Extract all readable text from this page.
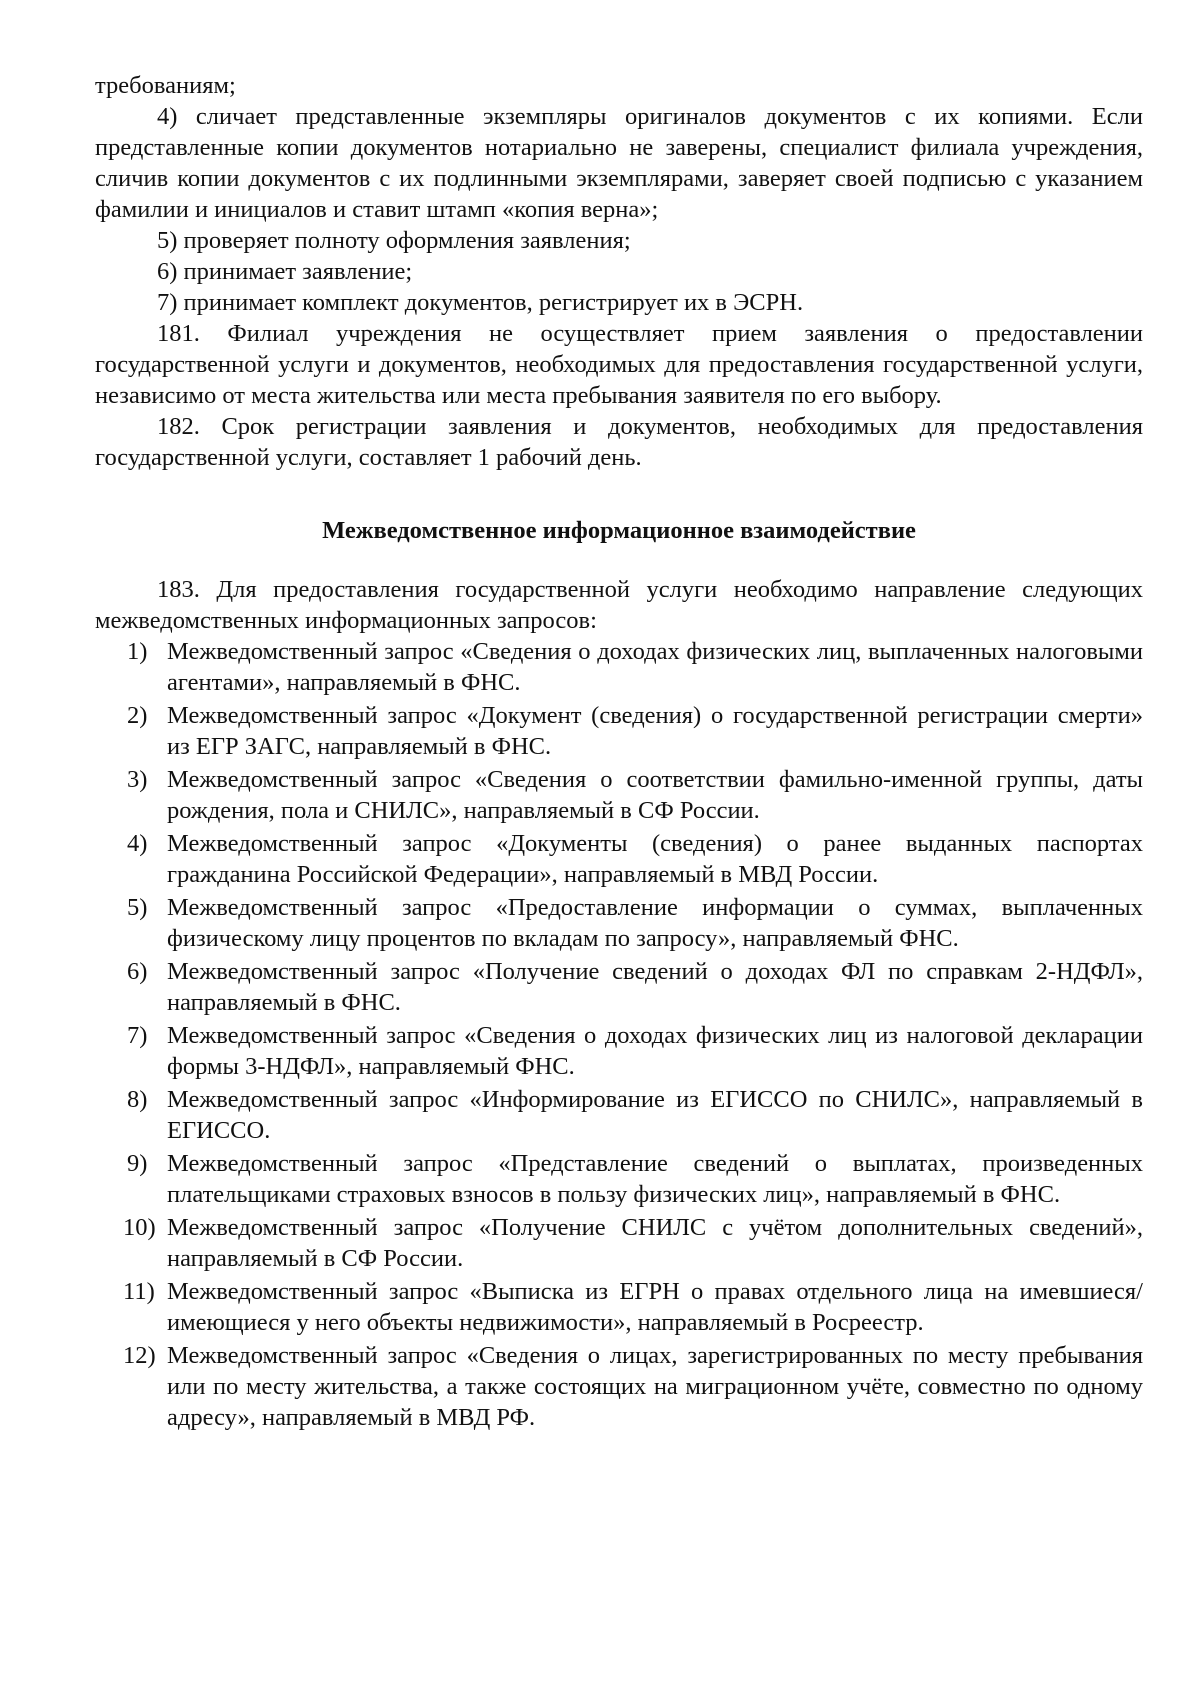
требованиям;

4) сличает представленные экземпляры оригиналов документов с их копиями. Если представленные копии документов нотариально не заверены, специалист филиала учреждения, сличив копии документов с их подлинными экземплярами, заверяет своей подписью с указанием фамилии и инициалов и ставит штамп «копия верна»;

5) проверяет полноту оформления заявления;

6) принимает заявление;

7) принимает комплект документов, регистрирует их в ЭСРН.

181. Филиал учреждения не осуществляет прием заявления о предоставлении государственной услуги и документов, необходимых для предоставления государственной услуги, независимо от места жительства или места пребывания заявителя по его выбору.

182. Срок регистрации заявления и документов, необходимых для предоставления государственной услуги, составляет 1 рабочий день.

Межведомственное информационное взаимодействие

183. Для предоставления государственной услуги необходимо направление следующих межведомственных информационных запросов:

1) Межведомственный запрос «Сведения о доходах физических лиц, выплаченных налоговыми агентами», направляемый в ФНС.
2) Межведомственный запрос «Документ (сведения) о государственной регистрации смерти» из ЕГР ЗАГС, направляемый в ФНС.
3) Межведомственный запрос «Сведения о соответствии фамильно-именной группы, даты рождения, пола и СНИЛС», направляемый в СФ России.
4) Межведомственный запрос «Документы (сведения) о ранее выданных паспортах гражданина Российской Федерации», направляемый в МВД России.
5) Межведомственный запрос «Предоставление информации о суммах, выплаченных физическому лицу процентов по вкладам по запросу», направляемый ФНС.
6) Межведомственный запрос «Получение сведений о доходах ФЛ по справкам 2-НДФЛ», направляемый в ФНС.
7) Межведомственный запрос «Сведения о доходах физических лиц из налоговой декларации формы 3-НДФЛ», направляемый ФНС.
8) Межведомственный запрос «Информирование из ЕГИССО по СНИЛС», направляемый в ЕГИССО.
9) Межведомственный запрос «Представление сведений о выплатах, произведенных плательщиками страховых взносов в пользу физических лиц», направляемый в ФНС.
10) Межведомственный запрос «Получение СНИЛС с учётом дополнительных сведений», направляемый в СФ России.
11) Межведомственный запрос «Выписка из ЕГРН о правах отдельного лица на имевшиеся/имеющиеся у него объекты недвижимости», направляемый в Росреестр.
12) Межведомственный запрос «Сведения о лицах, зарегистрированных по месту пребывания или по месту жительства, а также состоящих на миграционном учёте, совместно по одному адресу», направляемый в МВД РФ.
